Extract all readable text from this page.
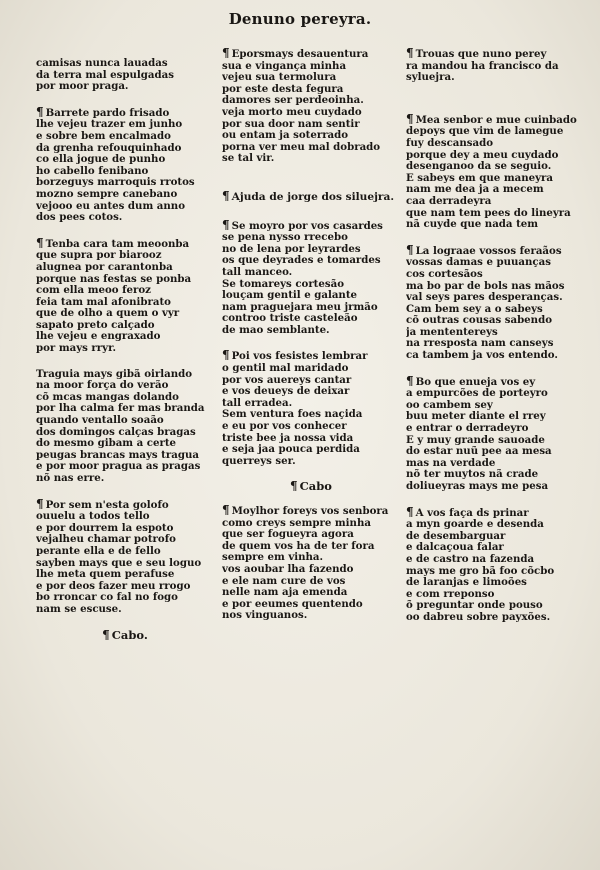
Denuno pereyra.
camisas nunca lauadas
da terra mal espulgadas
por moor praga.
¶ Barrete pardo frisado
lhe vejeu trazer em junho
e sobre bem encalmado
da grenha refouquinhado
co ella jogue de punho
ho cabello fenibano
borzeguys marroquis rrotos
mozno sempre canebano
vejooo eu antes dum anno
dos pees cotos.
¶ Tenba cara tam meoonba
que supra por biarooz
alugnea por carantonba
porque nas festas se ponba
com ella meoo feroz
feia tam mal afonibrato
que de olho a quem o vyr
sapato preto calçado
lhe vejeu e engraxado
por mays rryr.
Traguia mays gibã oirlando
na moor força do verão
cõ mcas mangas dolando
por lha calma fer mas branda
quando ventallo soaão
dos domingos calças bragas
do mesmo gibam a certe
peugas brancas mays tragua
e por moor pragua as pragas
nõ nas erre.
¶ Por sem n'esta golofo
ouuelu a todos tello
e por dourrem la espoto
vejalheu chamar potrofo
perante ella e de fello
sayben mays que e seu loguo
lhe meta quem perafuse
e por deos fazer meu rrogo
bo rroncar co fal no fogo
nam se escuse.
¶ Cabo.
¶ Eporsmays desauentura
sua e vingança minha
vejeu sua termolura
por este desta fegura
damores ser perdeoinha.
veja morto meu cuydado
por sua door nam sentir
ou entam ja soterrado
porna ver meu mal dobrado
se tal vir.
¶ Ajuda de jorge dos siluejra.
¶ Se moyro por vos casardes
se pena nysso rrecebo
no de lena por leyrardes
os que deyrades e tomardes
tall manceo.
Se tomareys cortesão
louçam gentil e galante
nam praguejara meu jrmão
controo triste casteleão
de mao semblante.
¶ Poi vos fesistes lembrar
o gentil mal maridado
por vos auereys cantar
e vos deueys de deixar
tall erradea.
Sem ventura foes naçida
e eu por vos conhecer
triste bee ja nossa vida
e seja jaa pouca perdida
querreys ser.
¶ Cabo
¶ Moylhor foreys vos senbora
como creys sempre minha
que ser fogueyra agora
de quem vos ha de ter fora
sempre em vinha.
vos aoubar lha fazendo
e ele nam cure de vos
nelle nam aja emenda
e por eeumes quentendo
nos vinguanos.
¶ Trouas que nuno perey
ra mandou ha francisco da
syluejra.
¶ Mea senbor e mue cuinbado
depoys que vim de lamegue
fuy descansado
porque dey a meu cuydado
desenganoo da se seguio.
E sabeys em que maneyra
nam me dea ja a mecem
caa derradeyra
que nam tem pees do lineyra
nã cuyde que nada tem
¶ La lograae vossos feraãos
vossas damas e puuanças
cos cortesãos
ma bo par de bols nas mãos
val seys pares desperanças.
Cam bem sey a o sabeys
cõ outras cousas sabendo
ja mententereys
na rresposta nam canseys
ca tambem ja vos entendo.
¶ Bo que enueja vos ey
a empurcões de porteyro
oo cambem sey
buu meter diante el rrey
e entrar o derradeyro
E y muy grande sauoade
do estar nuũ pee aa mesa
mas na verdade
nõ ter muytos nã crade
doliueyras mays me pesa
¶ A vos faça ds prinar
a myn goarde e desenda
de desembarguar
e dalcaçoua falar
e de castro na fazenda
mays me gro bã foo cõcbo
de laranjas e limoões
e com rreponso
õ preguntar onde pouso
oo dabreu sobre payxões.
